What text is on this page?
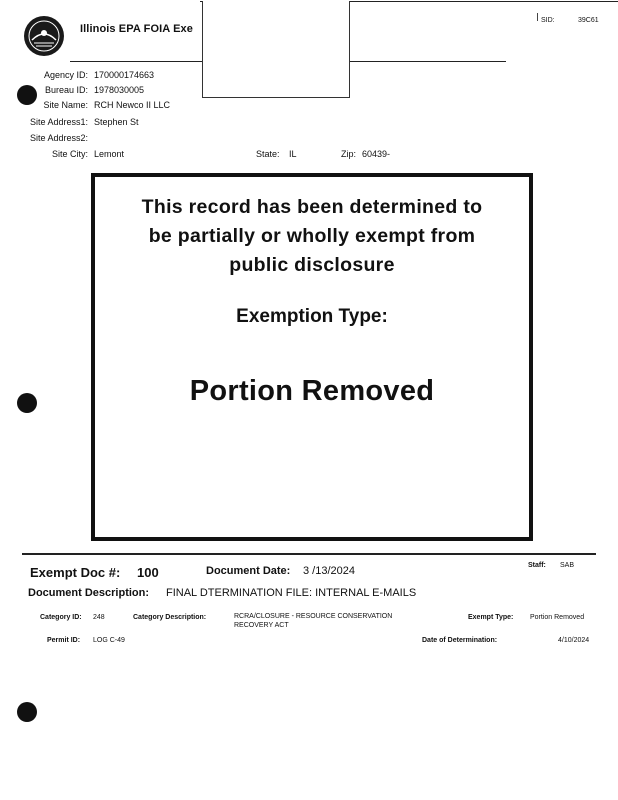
Illinois EPA FOIA Exe
SID:	39C61
Agency ID: 170000174663
Bureau ID: 1978030005
Site Name: RCH Newco II LLC
Site Address1: Stephen St
Site Address2:
Site City: Lemont	State: IL	Zip: 60439-
This record has been determined to
be partially or wholly exempt from
public disclosure
Exemption Type:
Portion Removed
Exempt Doc #: 100	Document Date: 3 /13/2024	Staff: SAB
Document Description: FINAL DTERMINATION FILE: INTERNAL E-MAILS
Category ID: 248	Category Description:	RCRA/CLOSURE - RESOURCE CONSERVATION
RECOVERY ACT
Exempt Type: Portion Removed
Permit ID: LOG C-49	Date of Determination:	4/10/2024
